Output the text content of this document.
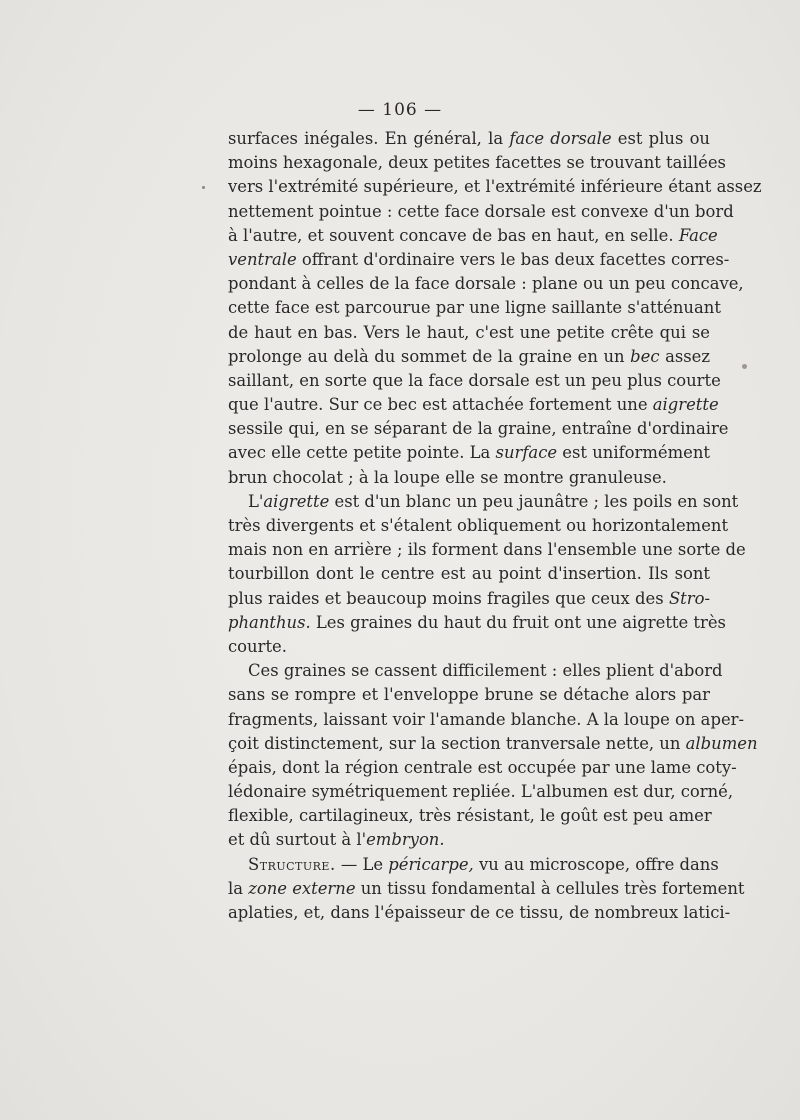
— 106 —
surfaces inégales. En général, la face dorsale est plus ou
moins hexagonale, deux petites facettes se trouvant taillées
vers l'extrémité supérieure, et l'extrémité inférieure étant assez
nettement pointue : cette face dorsale est convexe d'un bord
à l'autre, et souvent concave de bas en haut, en selle. Face
ventrale offrant d'ordinaire vers le bas deux facettes corres-
pondant à celles de la face dorsale : plane ou un peu concave,
cette face est parcourue par une ligne saillante s'atténuant
de haut en bas. Vers le haut, c'est une petite crête qui se
prolonge au delà du sommet de la graine en un bec assez
saillant, en sorte que la face dorsale est un peu plus courte
que l'autre. Sur ce bec est attachée fortement une aigrette
sessile qui, en se séparant de la graine, entraîne d'ordinaire
avec elle cette petite pointe. La surface est uniformément
brun chocolat ; à la loupe elle se montre granuleuse.
L'aigrette est d'un blanc un peu jaunâtre ; les poils en sont
très divergents et s'étalent obliquement ou horizontalement
mais non en arrière ; ils forment dans l'ensemble une sorte de
tourbillon dont le centre est au point d'insertion. Ils sont
plus raides et beaucoup moins fragiles que ceux des Stro-
phanthus. Les graines du haut du fruit ont une aigrette très
courte.
Ces graines se cassent difficilement : elles plient d'abord
sans se rompre et l'enveloppe brune se détache alors par
fragments, laissant voir l'amande blanche. A la loupe on aper-
çoit distinctement, sur la section tranversale nette, un albumen
épais, dont la région centrale est occupée par une lame coty-
lédonaire symétriquement repliée. L'albumen est dur, corné,
flexible, cartilagineux, très résistant, le goût est peu amer
et dû surtout à l'embryon.
Structure. — Le péricarpe, vu au microscope, offre dans
la zone externe un tissu fondamental à cellules très fortement
aplaties, et, dans l'épaisseur de ce tissu, de nombreux latici-
